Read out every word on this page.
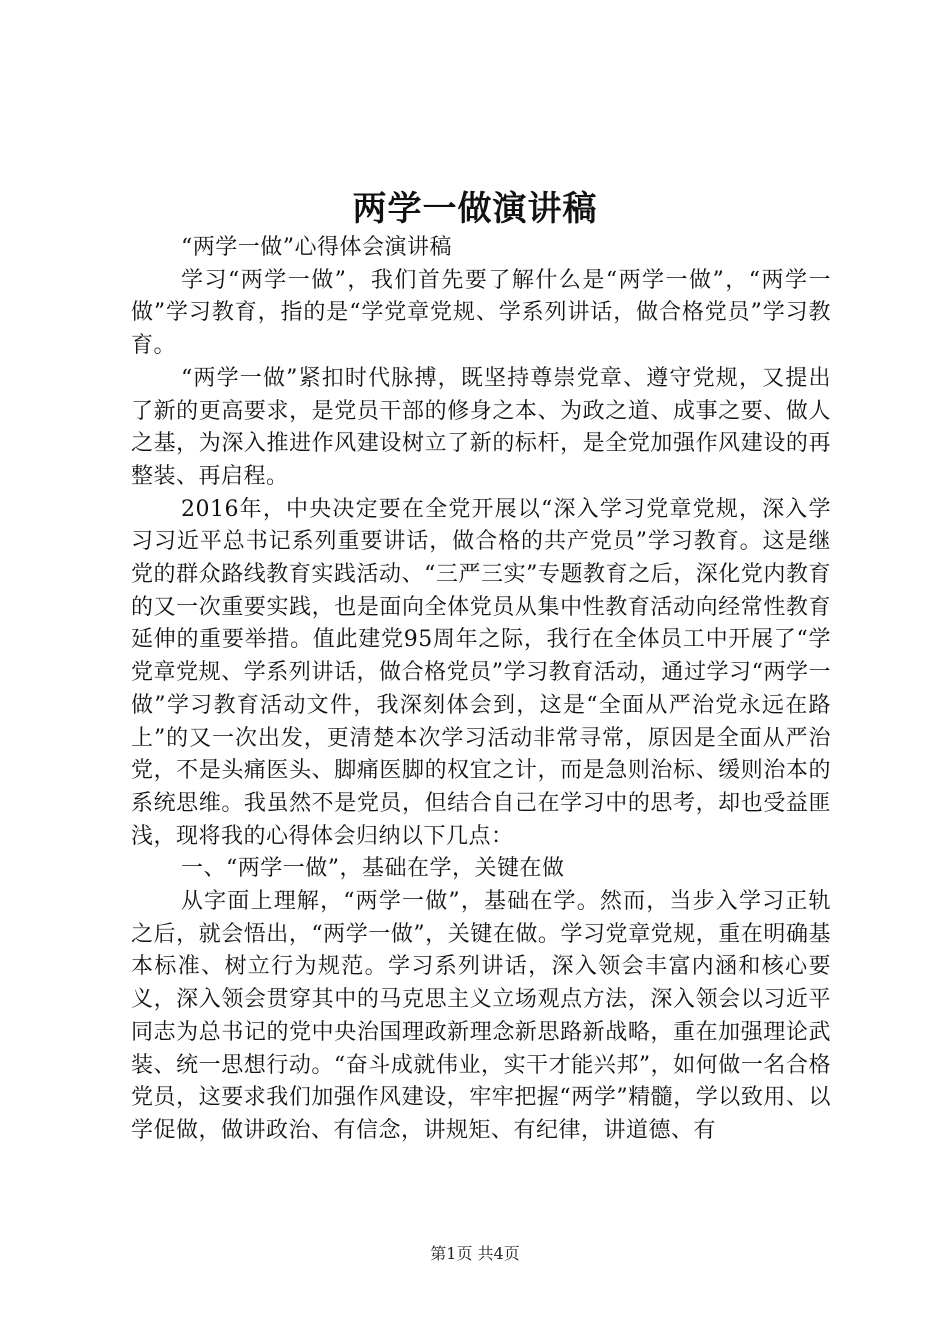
两学一做演讲稿

“两学一做”心得体会演讲稿

学习“两学一做”，我们首先要了解什么是“两学一做”，“两学一做”学习教育，指的是“学党章党规、学系列讲话，做合格党员”学习教育。

“两学一做”紧扣时代脉搏，既坚持尊崇党章、遵守党规，又提出了新的更高要求，是党员干部的修身之本、为政之道、成事之要、做人之基，为深入推进作风建设树立了新的标杆，是全党加强作风建设的再整装、再启程。

2016年，中央决定要在全党开展以“深入学习党章党规，深入学习习近平总书记系列重要讲话，做合格的共产党员”学习教育。这是继党的群众路线教育实践活动、“三严三实”专题教育之后，深化党内教育的又一次重要实践，也是面向全体党员从集中性教育活动向经常性教育延伸的重要举措。值此建党95周年之际，我行在全体员工中开展了“学党章党规、学系列讲话，做合格党员”学习教育活动，通过学习“两学一做”学习教育活动文件，我深刻体会到，这是“全面从严治党永远在路上”的又一次出发，更清楚本次学习活动非常寻常，原因是全面从严治党，不是头痛医头、脚痛医脚的权宜之计，而是急则治标、缓则治本的系统思维。我虽然不是党员，但结合自己在学习中的思考，却也受益匪浅，现将我的心得体会归纳以下几点：

一、“两学一做”，基础在学，关键在做

从字面上理解，“两学一做”，基础在学。然而，当步入学习正轨之后，就会悟出，“两学一做”，关键在做。学习党章党规，重在明确基本标准、树立行为规范。学习系列讲话，深入领会丰富内涵和核心要义，深入领会贯穿其中的马克思主义立场观点方法，深入领会以习近平同志为总书记的党中央治国理政新理念新思路新战略，重在加强理论武装、统一思想行动。“奋斗成就伟业，实干才能兴邦”，如何做一名合格党员，这要求我们加强作风建设，牢牢把握“两学”精髓，学以致用、以学促做，做讲政治、有信念，讲规矩、有纪律，讲道德、有

第1页 共4页
